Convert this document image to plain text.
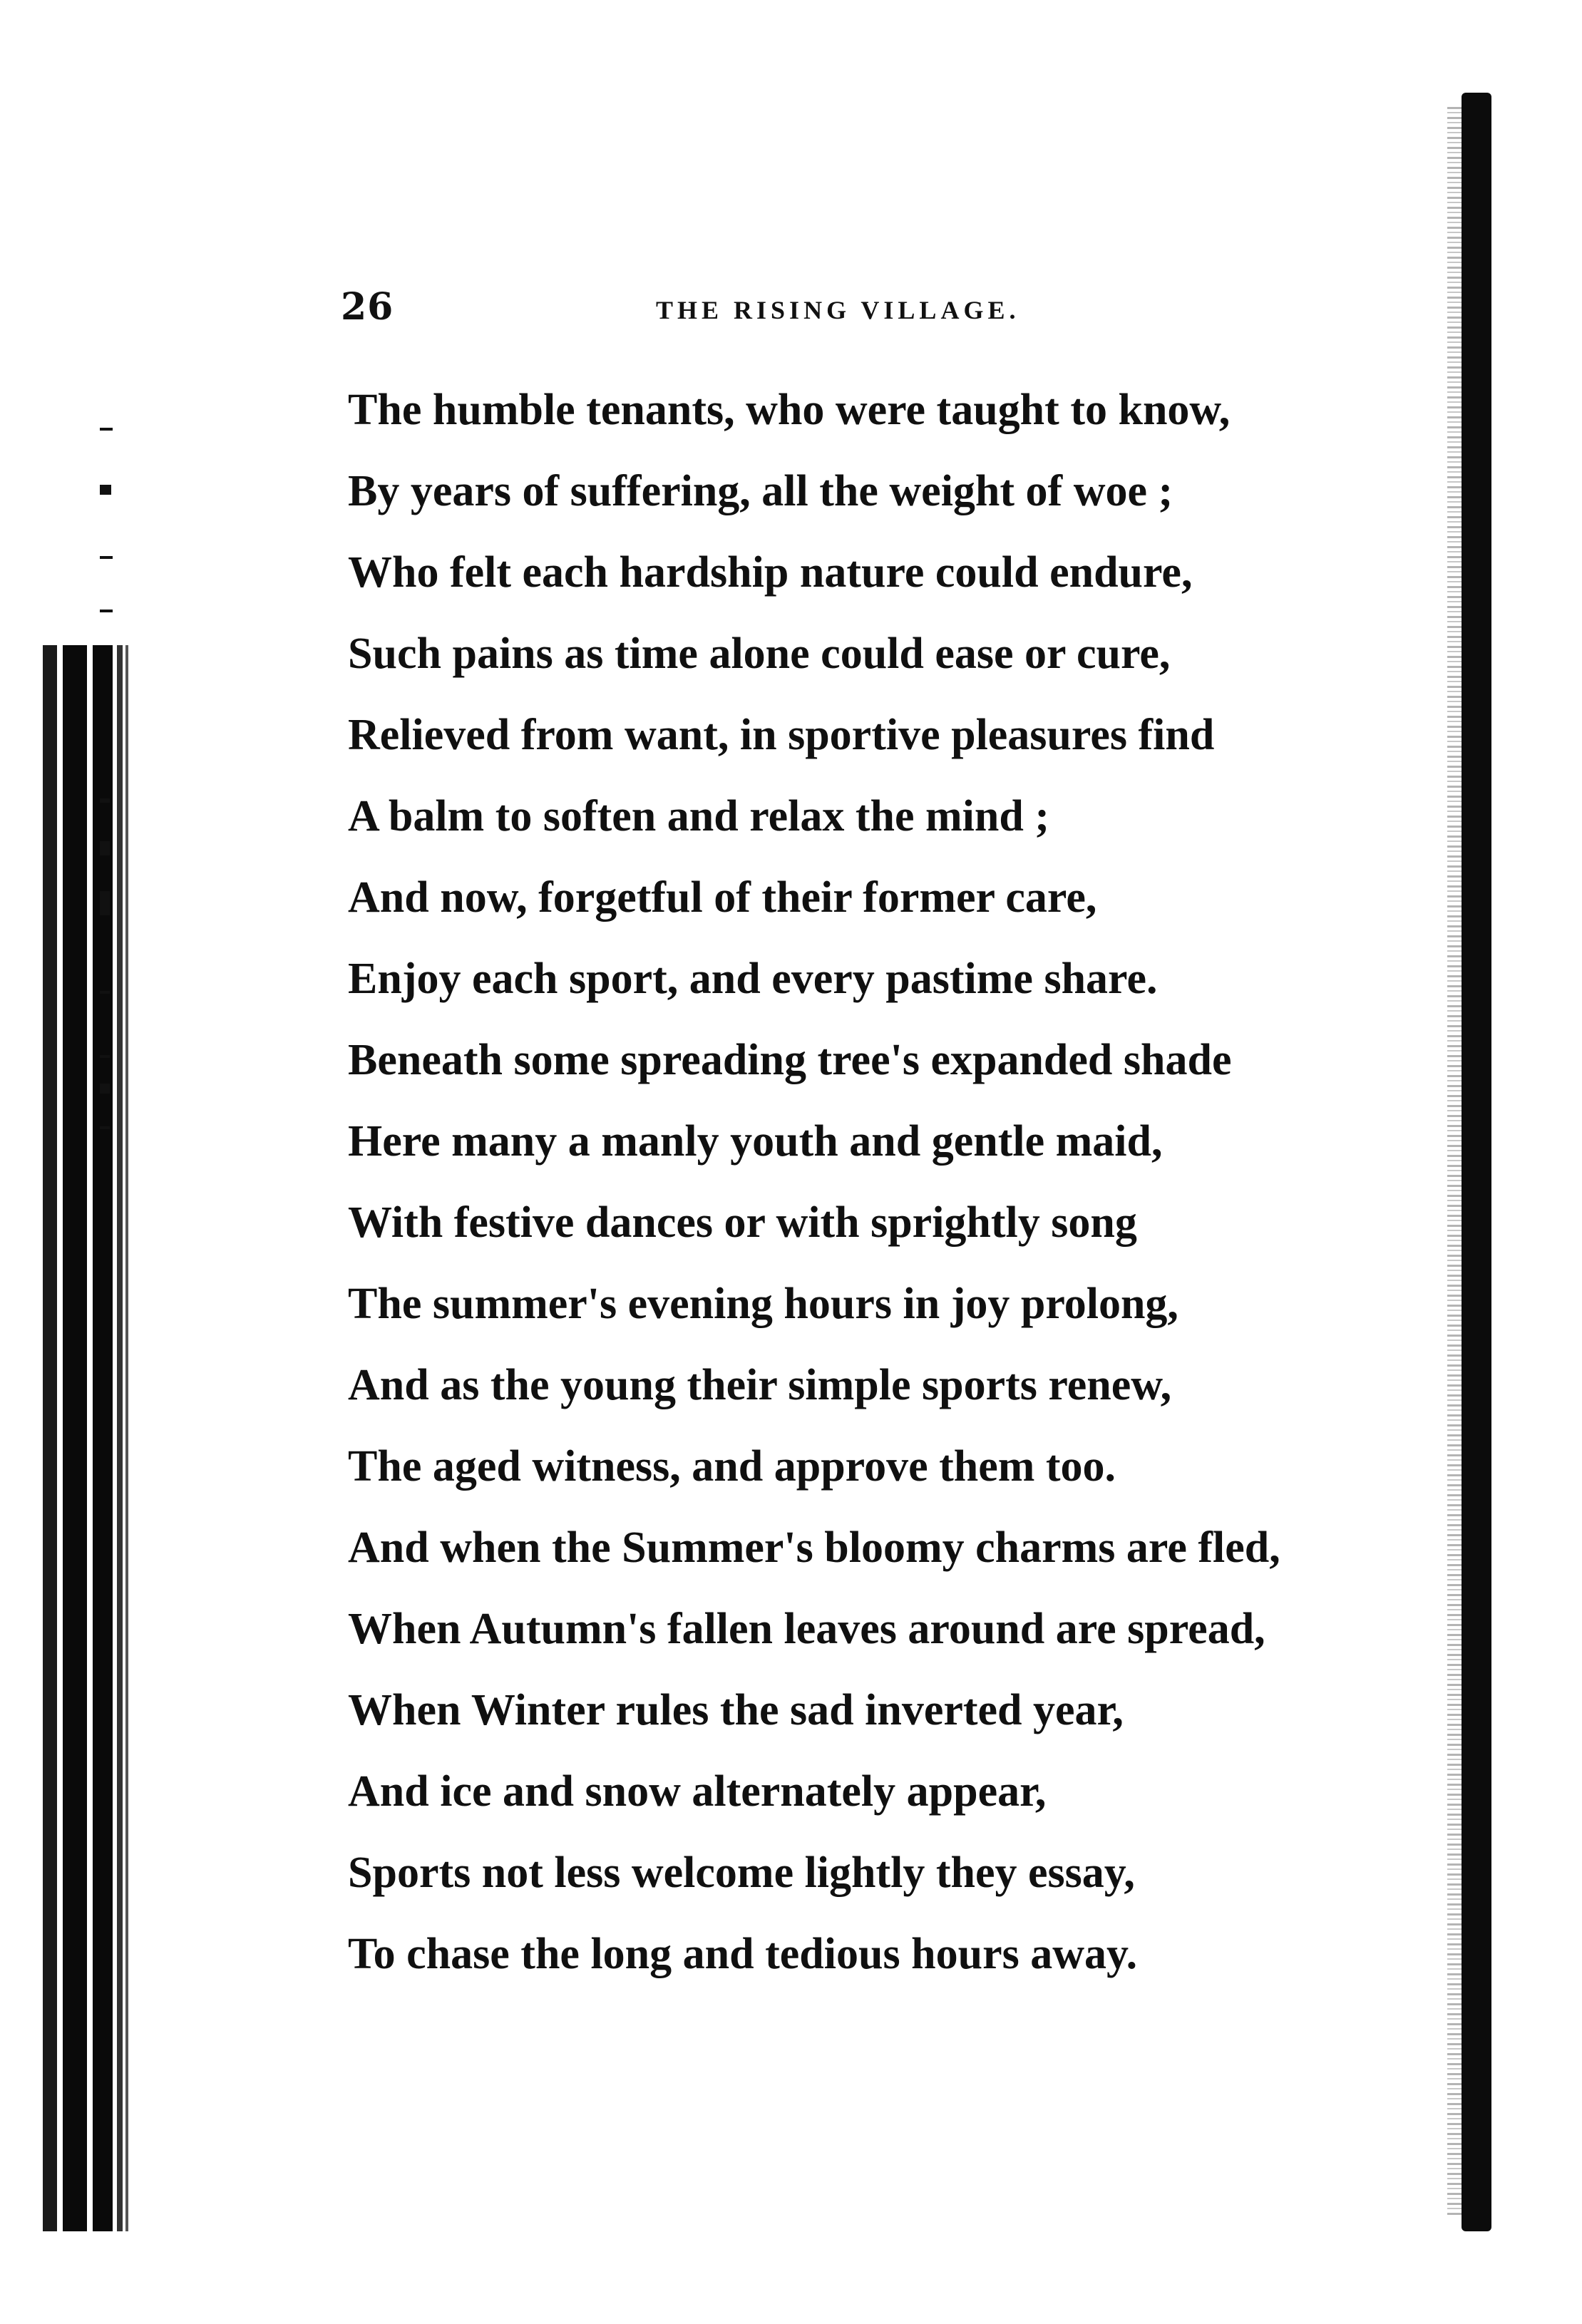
26	THE RISING VILLAGE.
The humble tenants, who were taught to know,
By years of suffering, all the weight of woe ;
Who felt each hardship nature could endure,
Such pains as time alone could ease or cure,
Relieved from want, in sportive pleasures find
A balm to soften and relax the mind ;
And now, forgetful of their former care,
Enjoy each sport, and every pastime share.
Beneath some spreading tree's expanded shade
Here many a manly youth and gentle maid,
With festive dances or with sprightly song
The summer's evening hours in joy prolong,
And as the young their simple sports renew,
The aged witness, and approve them too.
And when the Summer's bloomy charms are fled,
When Autumn's fallen leaves around are spread,
When Winter rules the sad inverted year,
And ice and snow alternately appear,
Sports not less welcome lightly they essay,
To chase the long and tedious hours away.
